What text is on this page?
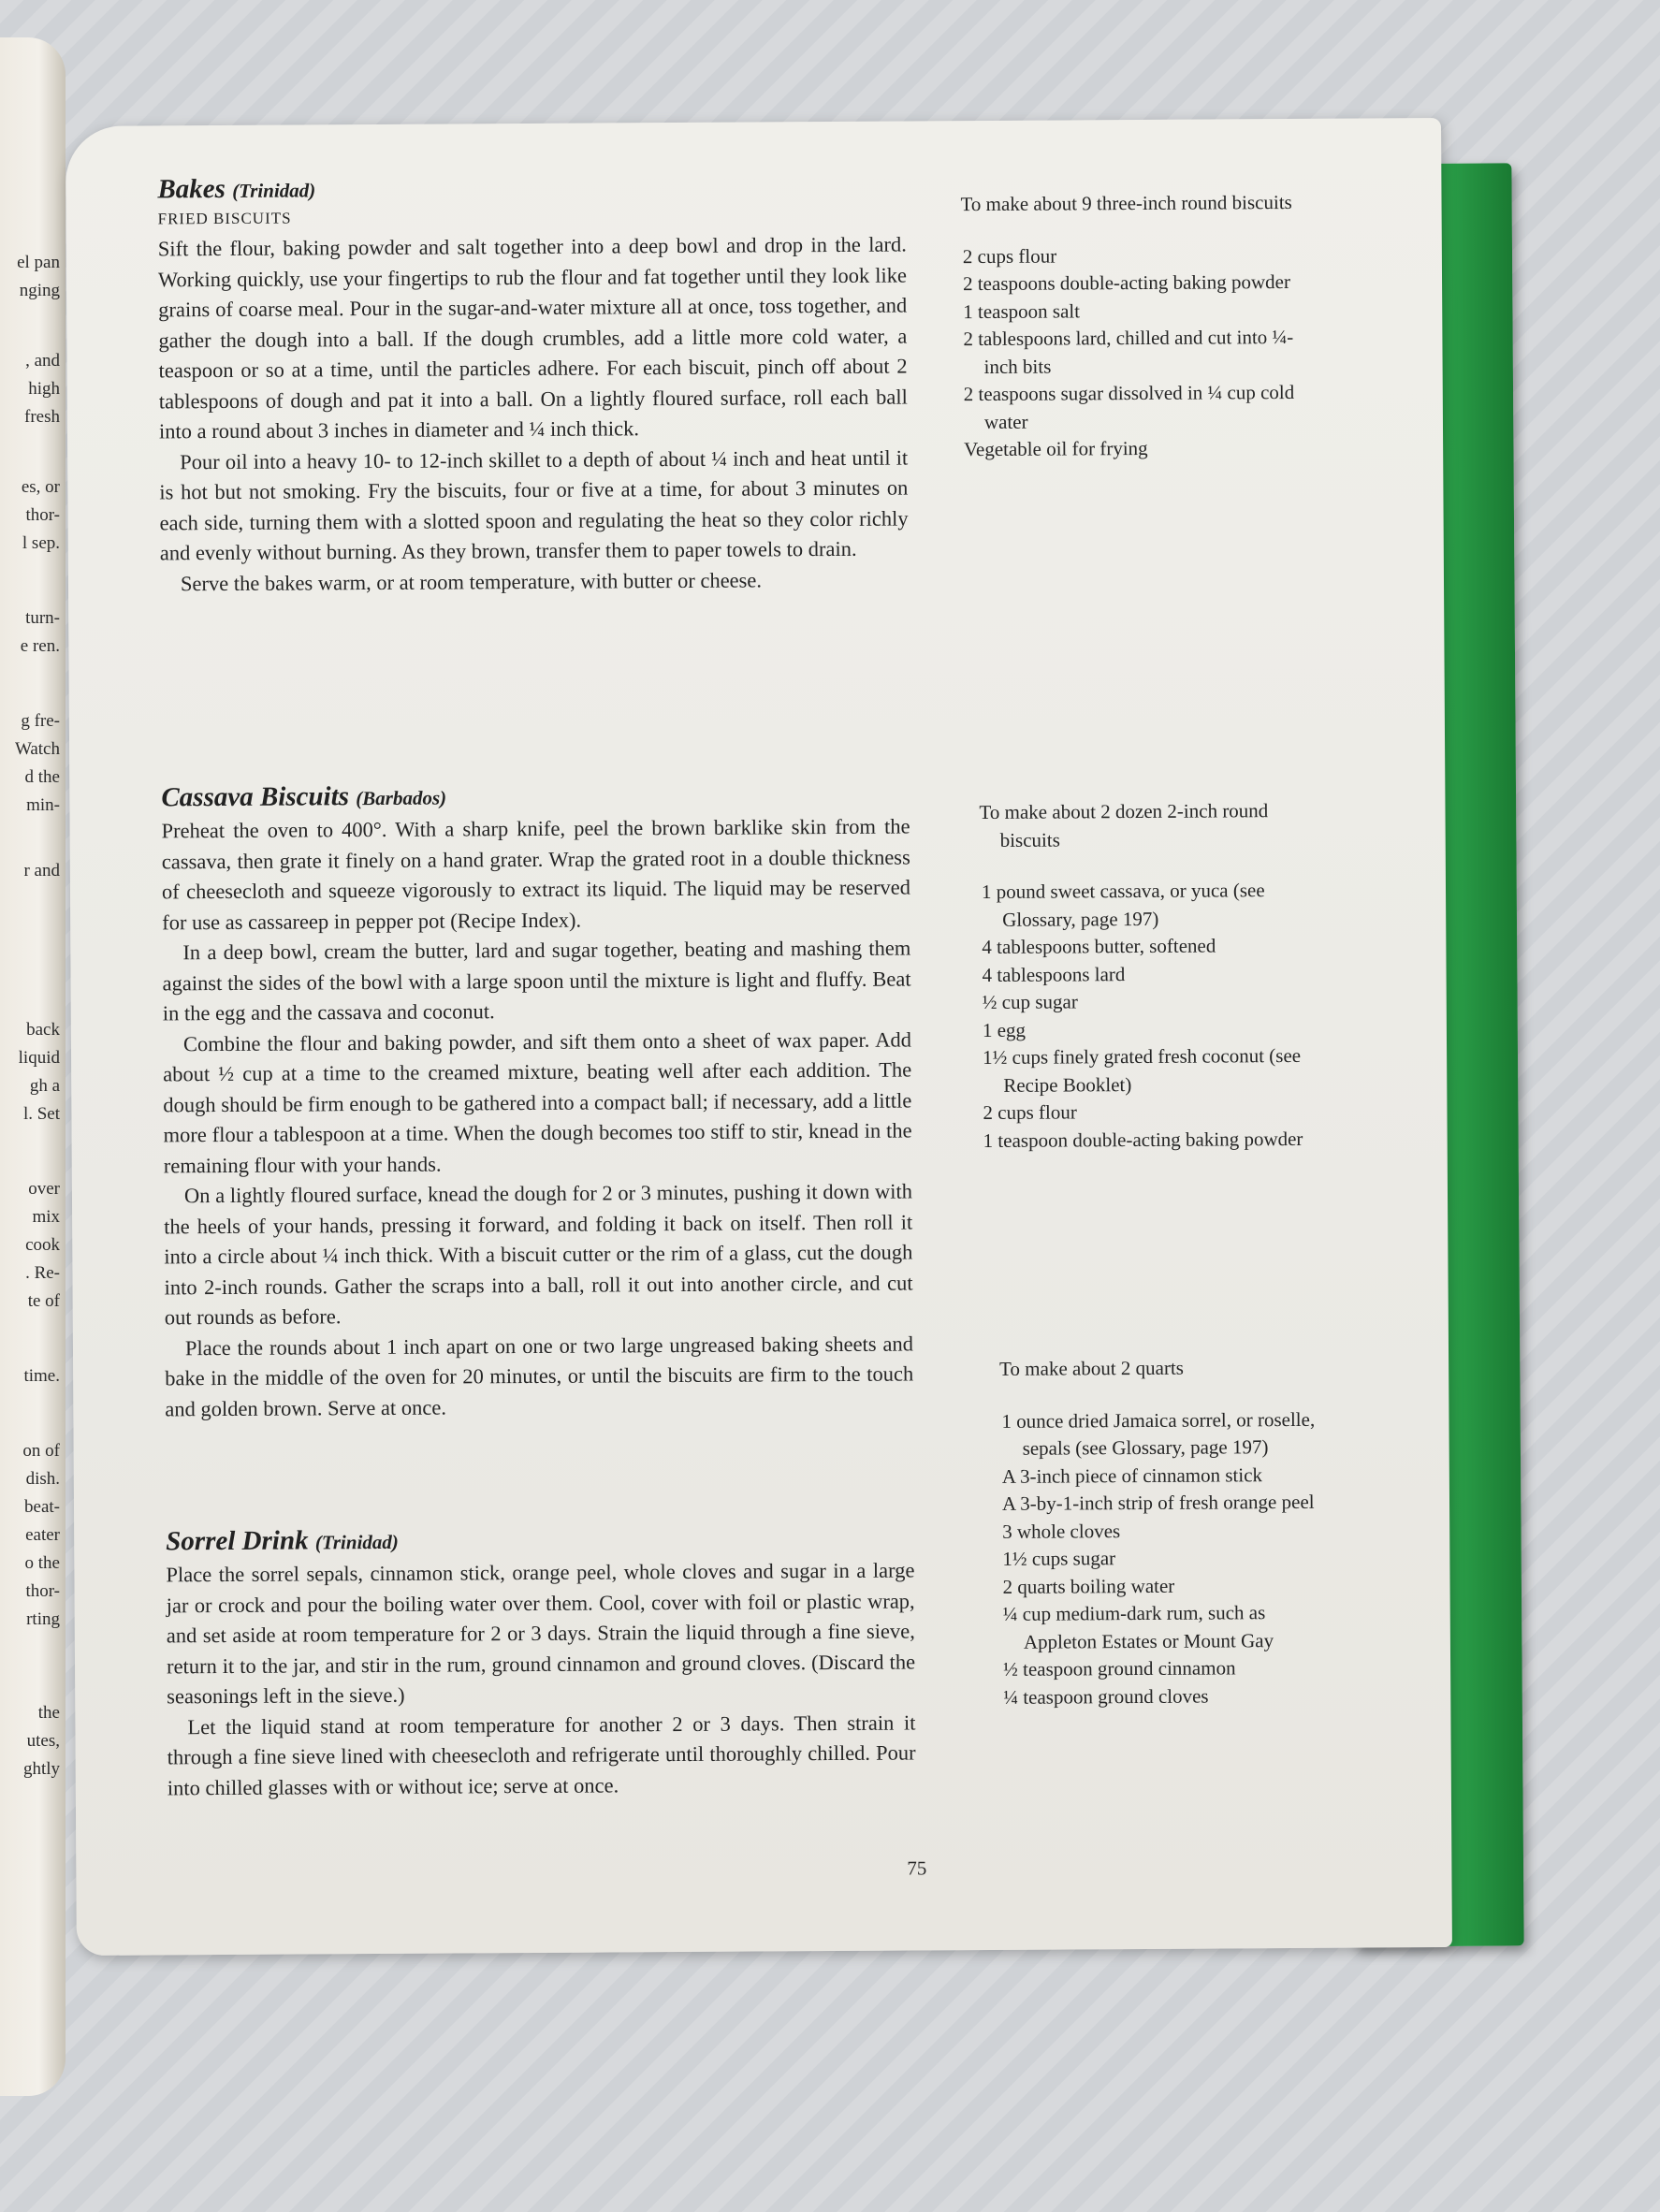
el pan
nging
, and
high
fresh
es, or
thor-
l sep.
turn-
e ren.
g fre-
Watch
d the
min-
r and
back
liquid
gh a
l. Set
over
mix
cook
. Re-
te of
time.
on of
dish.
beat-
eater
o the
thor-
rting
the
utes,
ghtly
Bakes (Trinidad)
FRIED BISCUITS

Sift the flour, baking powder and salt together into a deep bowl and drop in the lard. Working quickly, use your fingertips to rub the flour and fat together until they look like grains of coarse meal. Pour in the sugar-and-water mixture all at once, toss together, and gather the dough into a ball. If the dough crumbles, add a little more cold water, a teaspoon or so at a time, until the particles adhere. For each biscuit, pinch off about 2 tablespoons of dough and pat it into a ball. On a lightly floured surface, roll each ball into a round about 3 inches in diameter and ¼ inch thick.

Pour oil into a heavy 10- to 12-inch skillet to a depth of about ¼ inch and heat until it is hot but not smoking. Fry the biscuits, four or five at a time, for about 3 minutes on each side, turning them with a slotted spoon and regulating the heat so they color richly and evenly without burning. As they brown, transfer them to paper towels to drain.

Serve the bakes warm, or at room temperature, with butter or cheese.

To make about 9 three-inch round biscuits

2 cups flour
2 teaspoons double-acting baking powder
1 teaspoon salt
2 tablespoons lard, chilled and cut into ¼-inch bits
2 teaspoons sugar dissolved in ¼ cup cold water
Vegetable oil for frying
Cassava Biscuits (Barbados)

Preheat the oven to 400°. With a sharp knife, peel the brown barklike skin from the cassava, then grate it finely on a hand grater. Wrap the grated root in a double thickness of cheesecloth and squeeze vigorously to extract its liquid. The liquid may be reserved for use as cassareep in pepper pot (Recipe Index).

In a deep bowl, cream the butter, lard and sugar together, beating and mashing them against the sides of the bowl with a large spoon until the mixture is light and fluffy. Beat in the egg and the cassava and coconut.

Combine the flour and baking powder, and sift them onto a sheet of wax paper. Add about ½ cup at a time to the creamed mixture, beating well after each addition. The dough should be firm enough to be gathered into a compact ball; if necessary, add a little more flour a tablespoon at a time. When the dough becomes too stiff to stir, knead in the remaining flour with your hands.

On a lightly floured surface, knead the dough for 2 or 3 minutes, pushing it down with the heels of your hands, pressing it forward, and folding it back on itself. Then roll it into a circle about ¼ inch thick. With a biscuit cutter or the rim of a glass, cut the dough into 2-inch rounds. Gather the scraps into a ball, roll it out into another circle, and cut out rounds as before.

Place the rounds about 1 inch apart on one or two large ungreased baking sheets and bake in the middle of the oven for 20 minutes, or until the biscuits are firm to the touch and golden brown. Serve at once.

To make about 2 dozen 2-inch round biscuits

1 pound sweet cassava, or yuca (see Glossary, page 197)
4 tablespoons butter, softened
4 tablespoons lard
½ cup sugar
1 egg
1½ cups finely grated fresh coconut (see Recipe Booklet)
2 cups flour
1 teaspoon double-acting baking powder
Sorrel Drink (Trinidad)

Place the sorrel sepals, cinnamon stick, orange peel, whole cloves and sugar in a large jar or crock and pour the boiling water over them. Cool, cover with foil or plastic wrap, and set aside at room temperature for 2 or 3 days. Strain the liquid through a fine sieve, return it to the jar, and stir in the rum, ground cinnamon and ground cloves. (Discard the seasonings left in the sieve.)

Let the liquid stand at room temperature for another 2 or 3 days. Then strain it through a fine sieve lined with cheesecloth and refrigerate until thoroughly chilled. Pour into chilled glasses with or without ice; serve at once.

To make about 2 quarts

1 ounce dried Jamaica sorrel, or roselle, sepals (see Glossary, page 197)
A 3-inch piece of cinnamon stick
A 3-by-1-inch strip of fresh orange peel
3 whole cloves
1½ cups sugar
2 quarts boiling water
¼ cup medium-dark rum, such as Appleton Estates or Mount Gay
½ teaspoon ground cinnamon
¼ teaspoon ground cloves
75
